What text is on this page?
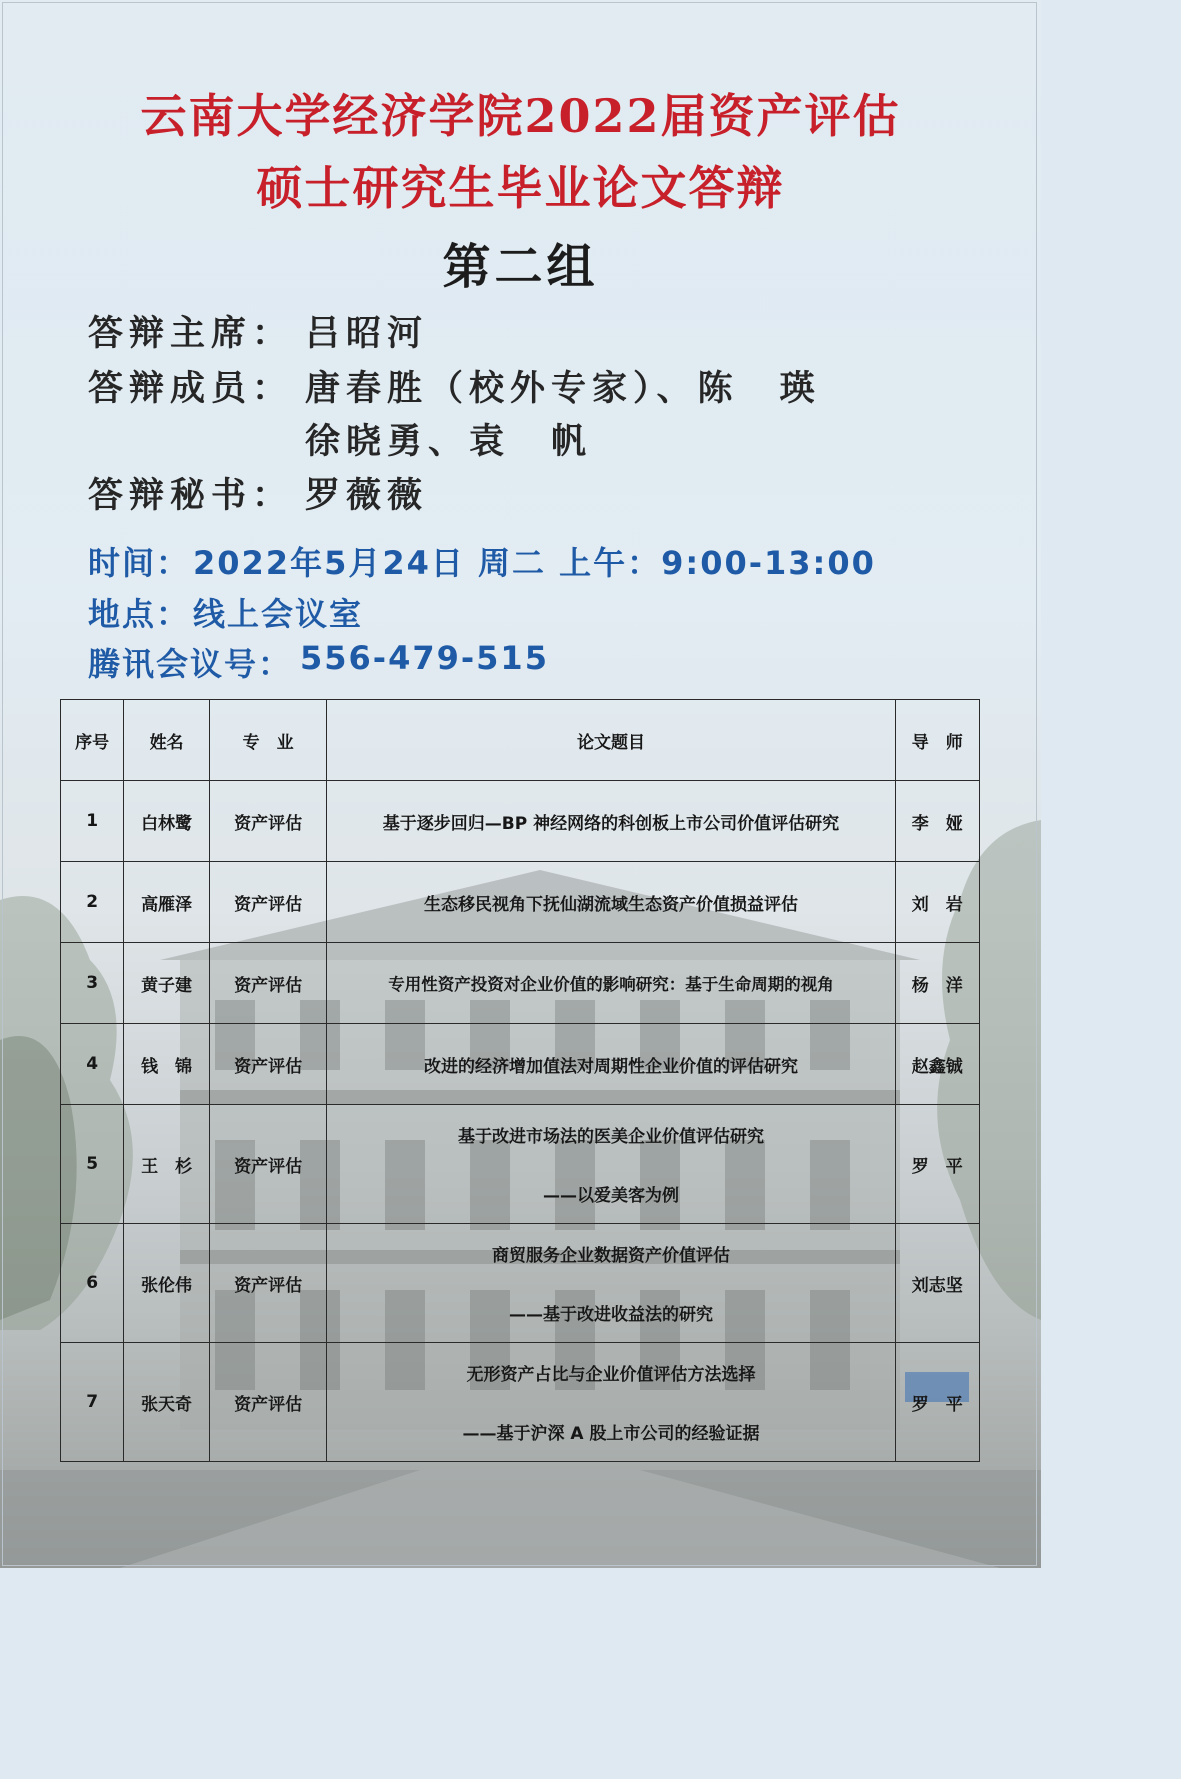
云南大学经济学院2022届资产评估
硕士研究生毕业论文答辩
第二组
答辩主席： 吕昭河
答辩成员： 唐春胜（校外专家）、陈　瑛
徐晓勇、袁　帆
答辩秘书： 罗薇薇
时间： 2022年5月24日 周二 上午：9:00-13:00
地点： 线上会议室
腾讯会议号： 556-479-515
序号	姓名	专　业	论文题目	导　师
1	白林鹭	资产评估	基于逐步回归—BP 神经网络的科创板上市公司价值评估研究	李　娅
2	高雁泽	资产评估	生态移民视角下抚仙湖流域生态资产价值损益评估	刘　岩
3	黄子建	资产评估	专用性资产投资对企业价值的影响研究：基于生命周期的视角	杨　洋
4	钱　锦	资产评估	改进的经济增加值法对周期性企业价值的评估研究	赵鑫铖
5	王　杉	资产评估	基于改进市场法的医美企业价值评估研究
——以爱美客为例	罗　平
6	张伦伟	资产评估	商贸服务企业数据资产价值评估
——基于改进收益法的研究	刘志坚
7	张天奇	资产评估	无形资产占比与企业价值评估方法选择
——基于沪深 A 股上市公司的经验证据	罗　平
